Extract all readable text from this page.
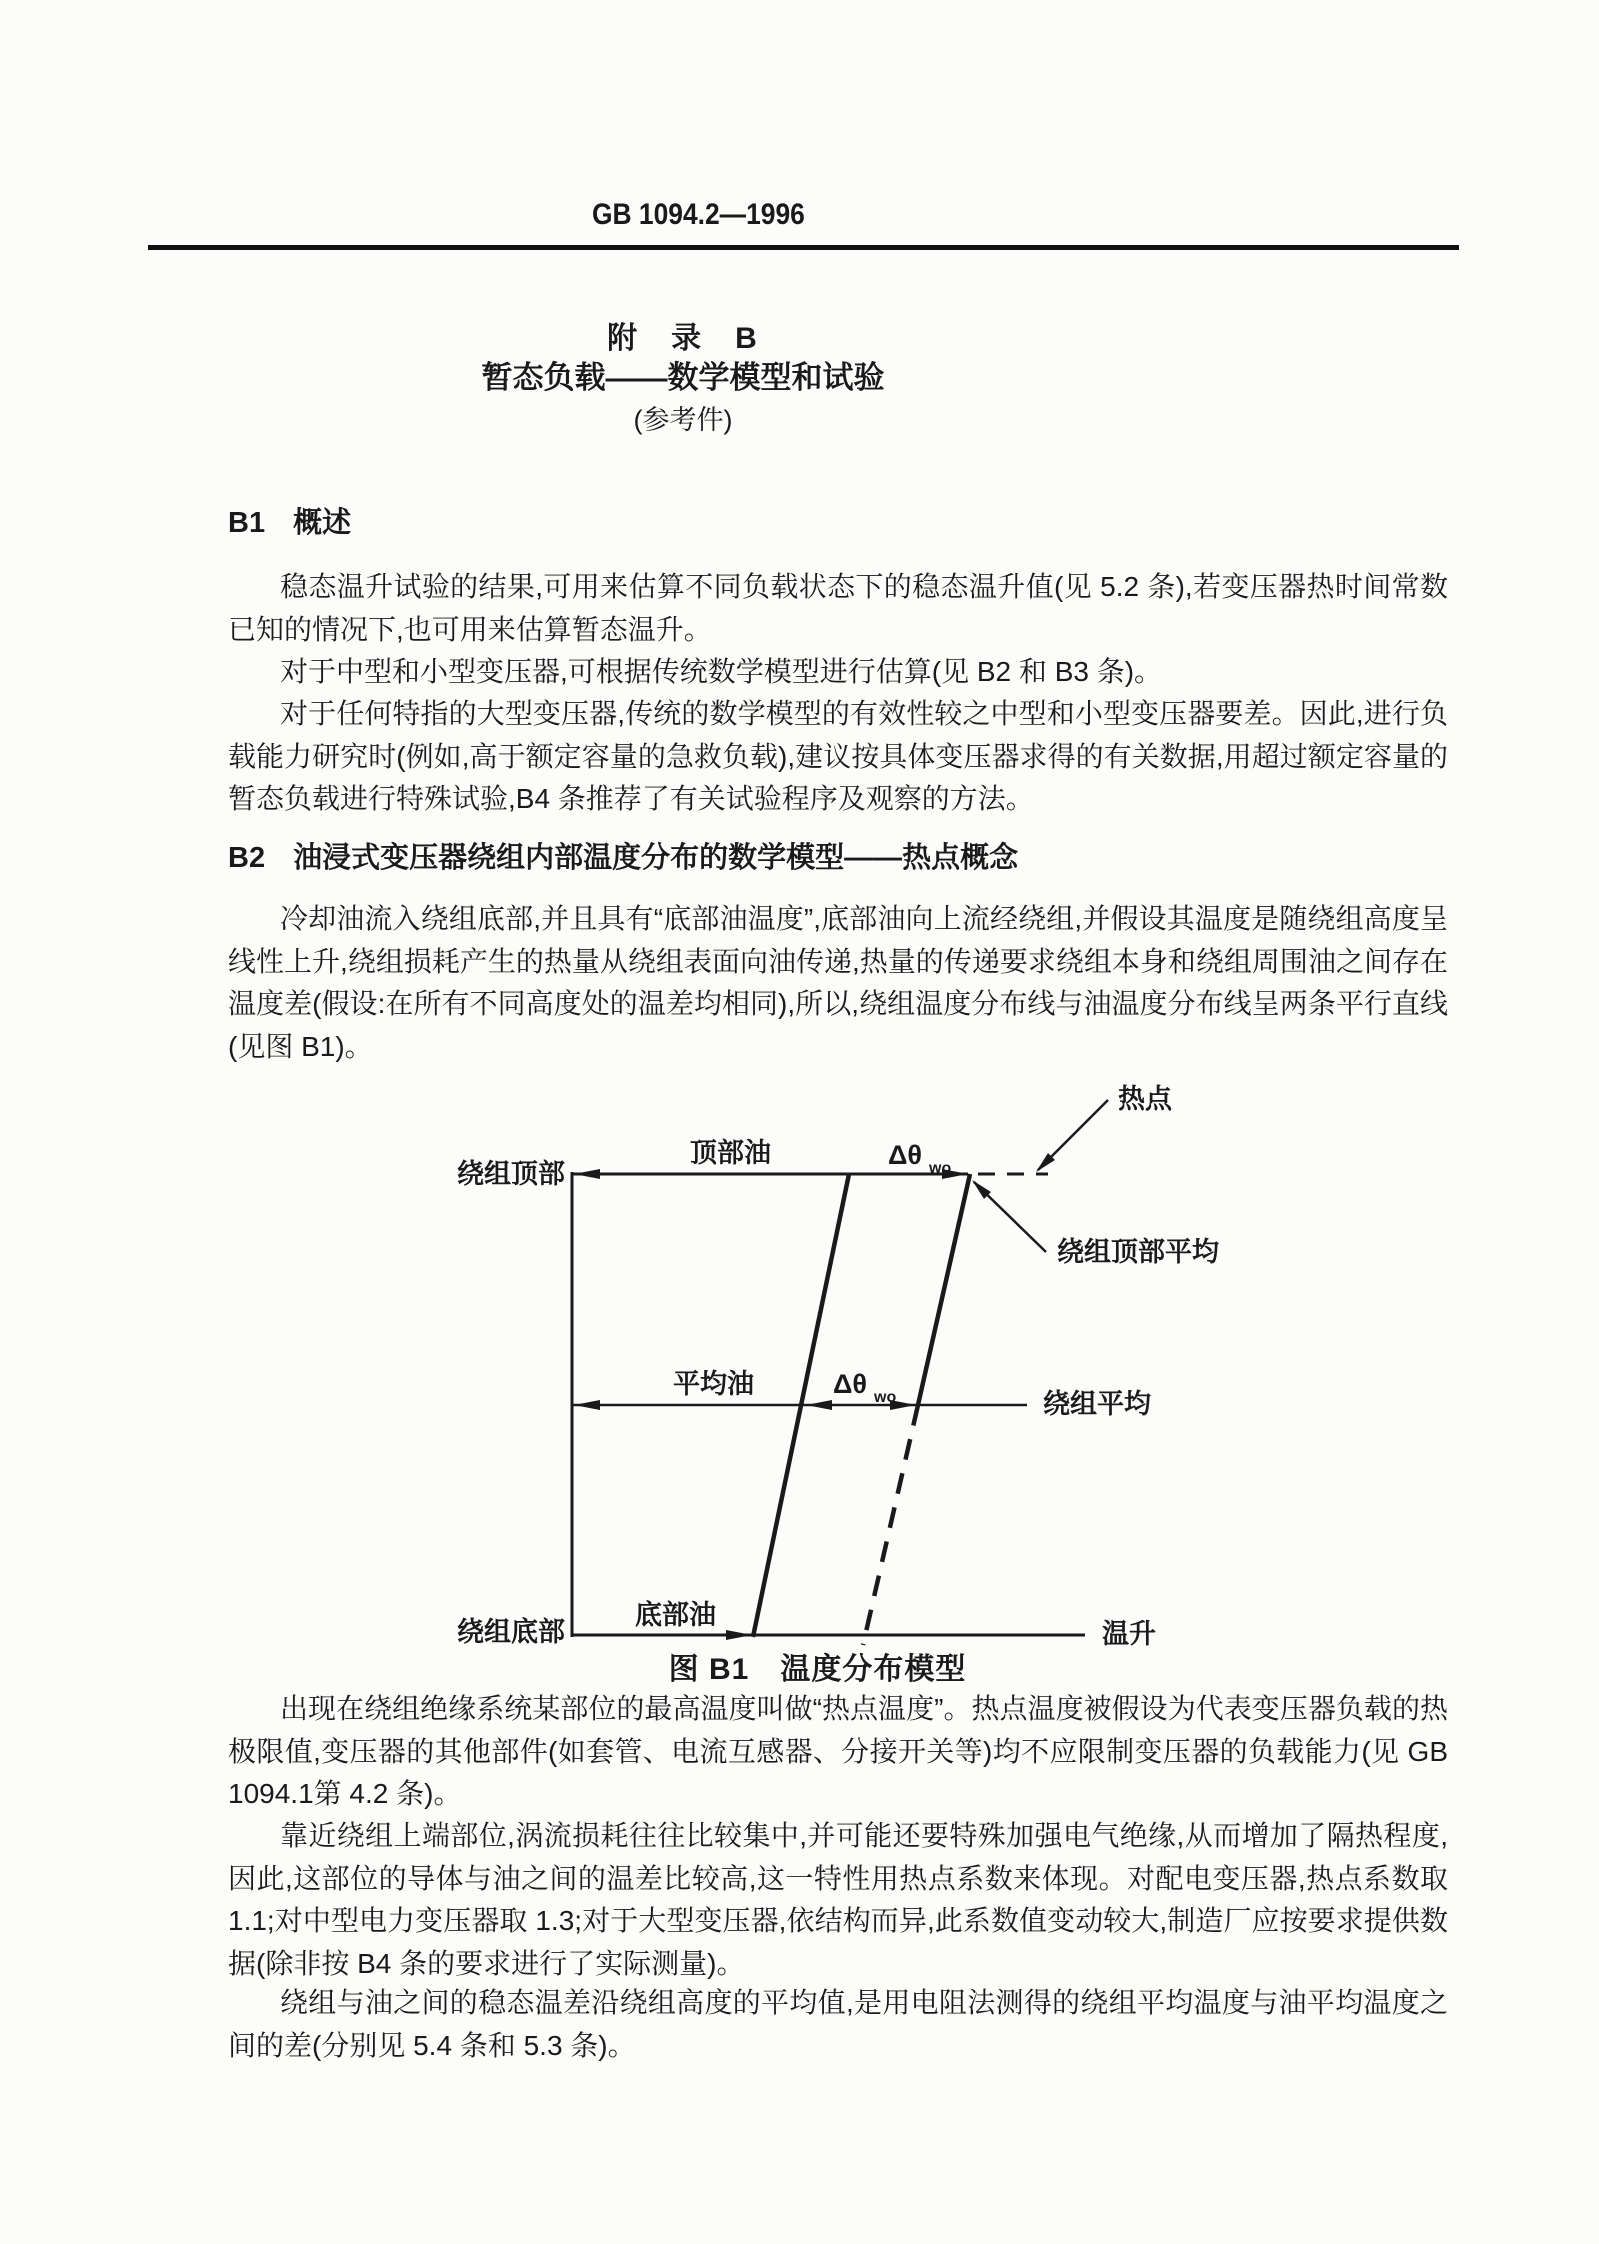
GB 1094.2—1996
附　录　B
暂态负载——数学模型和试验
(参考件)
B1 概述
稳态温升试验的结果,可用来估算不同负载状态下的稳态温升值(见 5.2 条),若变压器热时间常数已知的情况下,也可用来估算暂态温升。
对于中型和小型变压器,可根据传统数学模型进行估算(见 B2 和 B3 条)。
对于任何特指的大型变压器,传统的数学模型的有效性较之中型和小型变压器要差。因此,进行负载能力研究时(例如,高于额定容量的急救负载),建议按具体变压器求得的有关数据,用超过额定容量的暂态负载进行特殊试验,B4 条推荐了有关试验程序及观察的方法。
B2 油浸式变压器绕组内部温度分布的数学模型——热点概念
冷却油流入绕组底部,并且具有“底部油温度”,底部油向上流经绕组,并假设其温度是随绕组高度呈线性上升,绕组损耗产生的热量从绕组表面向油传递,热量的传递要求绕组本身和绕组周围油之间存在温度差(假设:在所有不同高度处的温差均相同),所以,绕组温度分布线与油温度分布线呈两条平行直线(见图 B1)。
热点
绕组顶部平均
绕组顶部
顶部油	Δθ wo
平均油	Δθ wo	绕组平均
绕组底部
底部油
温升
图 B1　温度分布模型
出现在绕组绝缘系统某部位的最高温度叫做“热点温度”。热点温度被假设为代表变压器负载的热极限值,变压器的其他部件(如套管、电流互感器、分接开关等)均不应限制变压器的负载能力(见 GB 1094.1第 4.2 条)。
靠近绕组上端部位,涡流损耗往往比较集中,并可能还要特殊加强电气绝缘,从而增加了隔热程度,因此,这部位的导体与油之间的温差比较高,这一特性用热点系数来体现。对配电变压器,热点系数取 1.1;对中型电力变压器取 1.3;对于大型变压器,依结构而异,此系数值变动较大,制造厂应按要求提供数据(除非按 B4 条的要求进行了实际测量)。
绕组与油之间的稳态温差沿绕组高度的平均值,是用电阻法测得的绕组平均温度与油平均温度之间的差(分别见 5.4 条和 5.3 条)。
